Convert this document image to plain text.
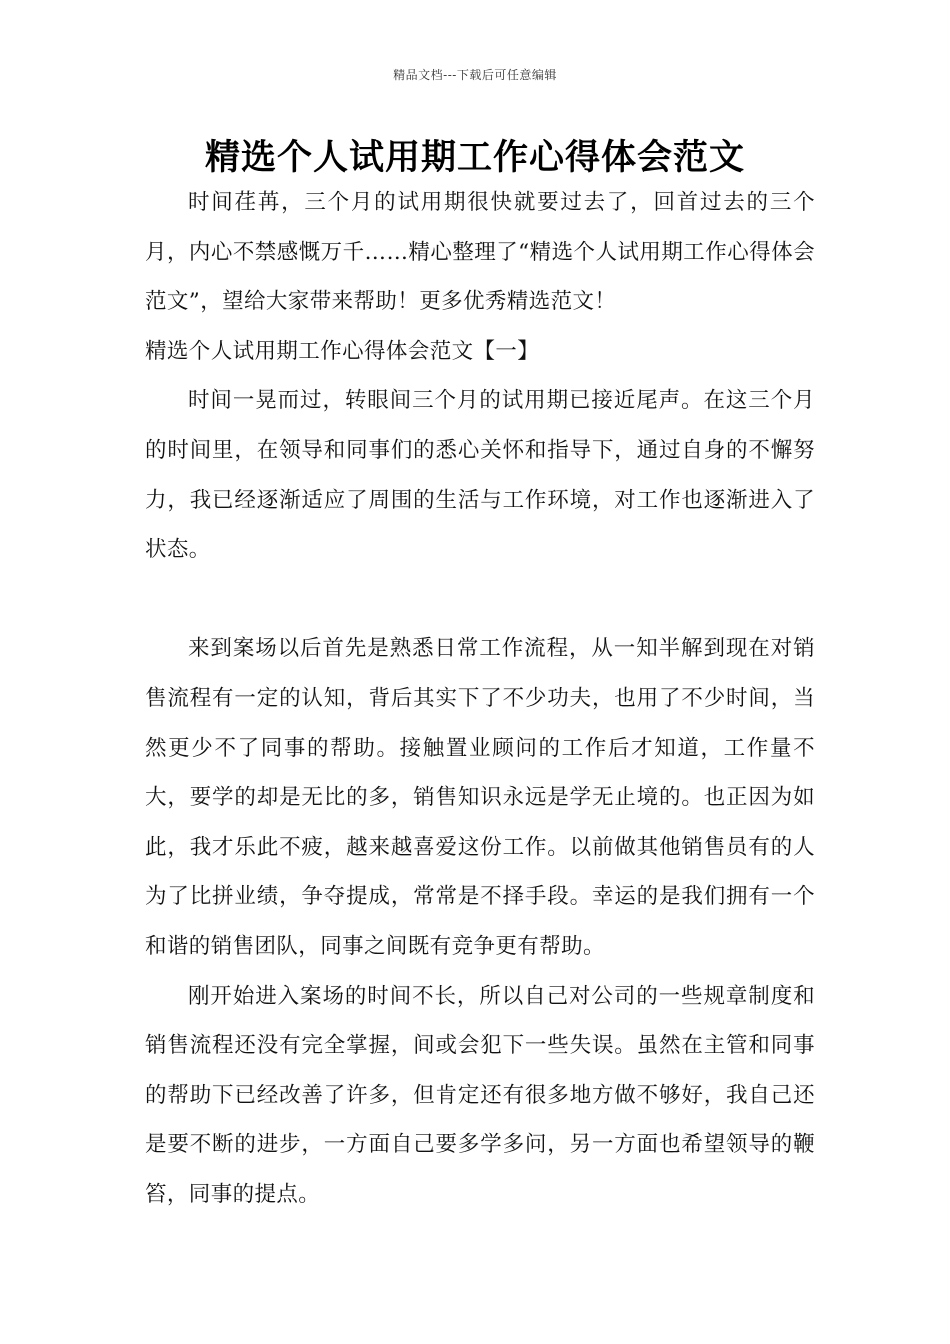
精品文档---下载后可任意编辑
精选个人试用期工作心得体会范文

时间荏苒，三个月的试用期很快就要过去了，回首过去的三个月，内心不禁感慨万千……精心整理了“精选个人试用期工作心得体会范文”，望给大家带来帮助！更多优秀精选范文！

精选个人试用期工作心得体会范文【一】

时间一晃而过，转眼间三个月的试用期已接近尾声。在这三个月的时间里，在领导和同事们的悉心关怀和指导下，通过自身的不懈努力，我已经逐渐适应了周围的生活与工作环境，对工作也逐渐进入了状态。

来到案场以后首先是熟悉日常工作流程，从一知半解到现在对销售流程有一定的认知，背后其实下了不少功夫，也用了不少时间，当然更少不了同事的帮助。接触置业顾问的工作后才知道，工作量不大，要学的却是无比的多，销售知识永远是学无止境的。也正因为如此，我才乐此不疲，越来越喜爱这份工作。以前做其他销售员有的人为了比拼业绩，争夺提成，常常是不择手段。幸运的是我们拥有一个和谐的销售团队，同事之间既有竞争更有帮助。

刚开始进入案场的时间不长，所以自己对公司的一些规章制度和销售流程还没有完全掌握，间或会犯下一些失误。虽然在主管和同事的帮助下已经改善了许多，但肯定还有很多地方做不够好，我自己还是要不断的进步，一方面自己要多学多问，另一方面也希望领导的鞭笞，同事的提点。
